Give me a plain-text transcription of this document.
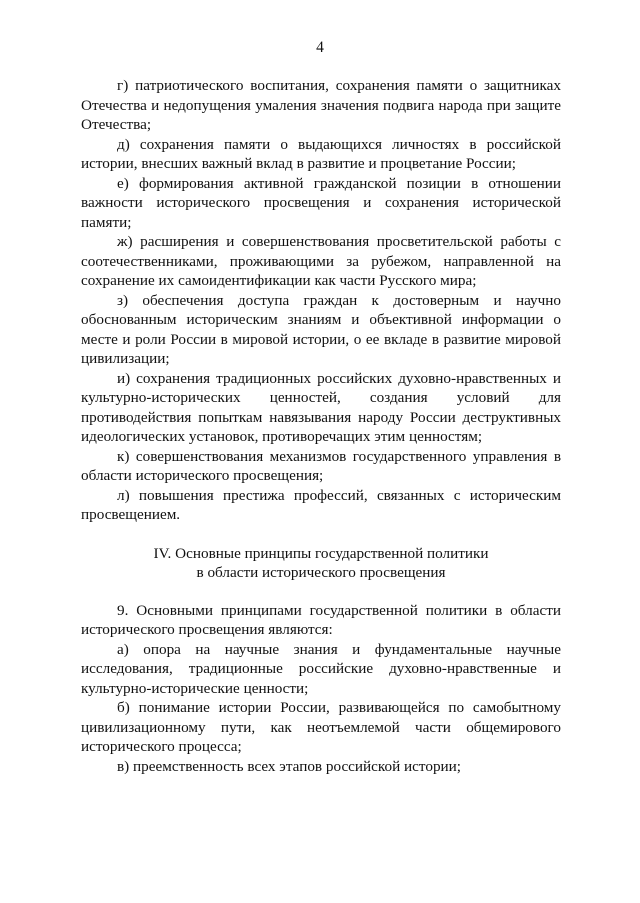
4

г) патриотического воспитания, сохранения памяти о защитниках Отечества и недопущения умаления значения подвига народа при защите Отечества;

д) сохранения памяти о выдающихся личностях в российской истории, внесших важный вклад в развитие и процветание России;

е) формирования активной гражданской позиции в отношении важности исторического просвещения и сохранения исторической памяти;

ж) расширения и совершенствования просветительской работы с соотечественниками, проживающими за рубежом, направленной на сохранение их самоидентификации как части Русского мира;

з) обеспечения доступа граждан к достоверным и научно обоснованным историческим знаниям и объективной информации о месте и роли России в мировой истории, о ее вкладе в развитие мировой цивилизации;

и) сохранения традиционных российских духовно-нравственных и культурно-исторических ценностей, создания условий для противодействия попыткам навязывания народу России деструктивных идеологических установок, противоречащих этим ценностям;

к) совершенствования механизмов государственного управления в области исторического просвещения;

л) повышения престижа профессий, связанных с историческим просвещением.

IV. Основные принципы государственной политики
в области исторического просвещения

9. Основными принципами государственной политики в области исторического просвещения являются:

а) опора на научные знания и фундаментальные научные исследования, традиционные российские духовно-нравственные и культурно-исторические ценности;

б) понимание истории России, развивающейся по самобытному цивилизационному пути, как неотъемлемой части общемирового исторического процесса;

в) преемственность всех этапов российской истории;
